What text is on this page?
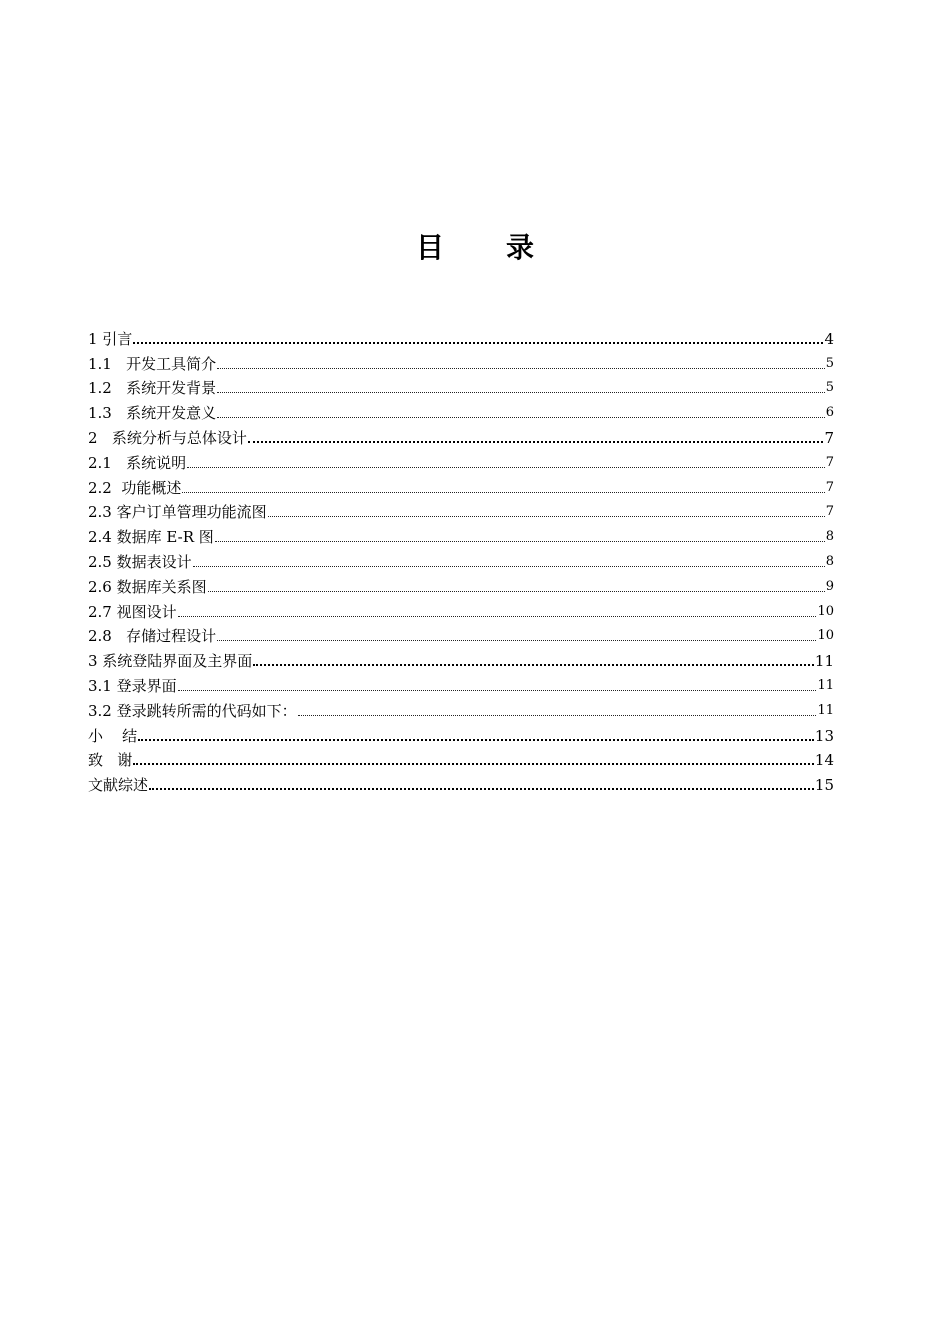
目 录
1 引言	4
1.1   开发工具简介	5
1.2   系统开发背景	5
1.3   系统开发意义	6
2   系统分析与总体设计	7
2.1   系统说明	7
2.2  功能概述	7
2.3 客户订单管理功能流图	7
2.4 数据库 E-R 图	8
2.5 数据表设计	8
2.6 数据库关系图	9
2.7 视图设计	10
2.8   存储过程设计	10
3 系统登陆界面及主界面	11
3.1 登录界面	11
3.2 登录跳转所需的代码如下：	11
小    结	13
致   谢	14
文献综述	15
